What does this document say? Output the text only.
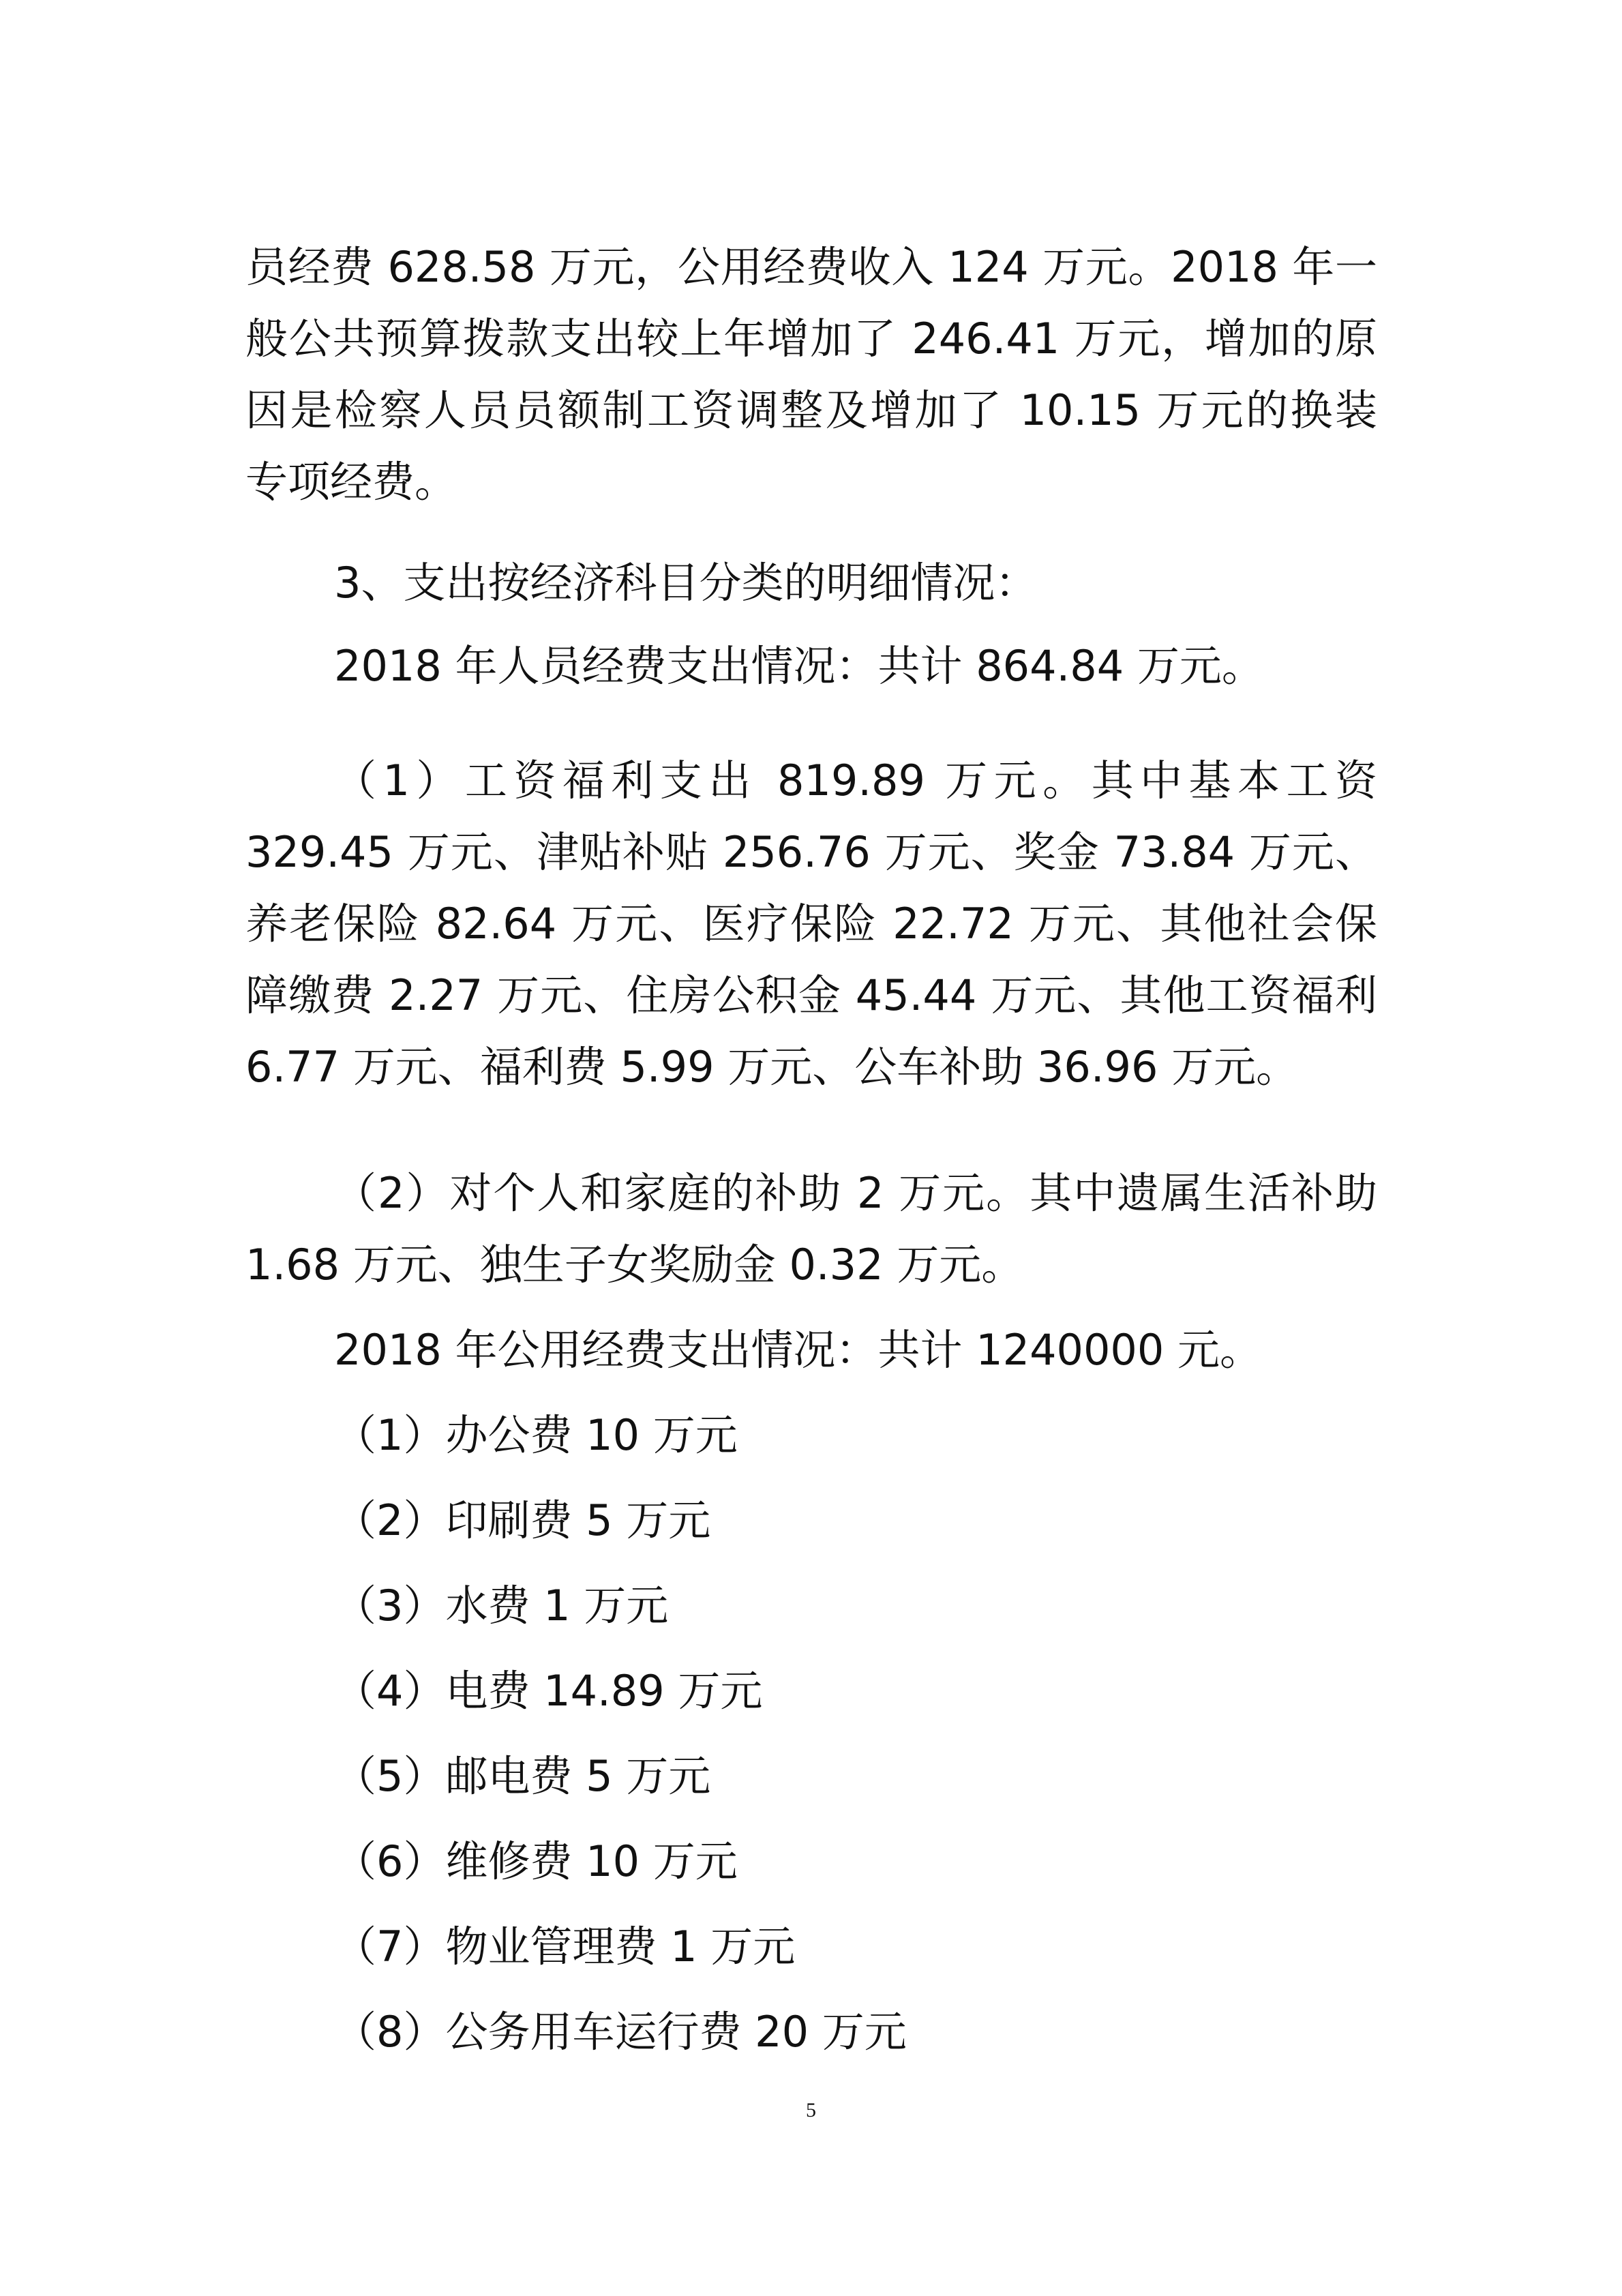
员经费 628.58 万元，公用经费收入 124 万元。2018 年一
般公共预算拨款支出较上年增加了 246.41 万元，增加的原
因是检察人员员额制工资调整及增加了 10.15 万元的换装
专项经费。
3、支出按经济科目分类的明细情况：
2018 年人员经费支出情况：共计 864.84 万元。
（1）工资福利支出 819.89 万元。其中基本工资
329.45 万元、津贴补贴 256.76 万元、奖金 73.84 万元、
养老保险 82.64 万元、医疗保险 22.72 万元、其他社会保
障缴费 2.27 万元、住房公积金 45.44 万元、其他工资福利
6.77 万元、福利费 5.99 万元、公车补助 36.96 万元。
（2）对个人和家庭的补助 2 万元。其中遗属生活补助
1.68 万元、独生子女奖励金 0.32 万元。
2018 年公用经费支出情况：共计 1240000 元。
（1）办公费 10 万元
（2）印刷费 5 万元
（3）水费 1 万元
（4）电费 14.89 万元
（5）邮电费 5 万元
（6）维修费 10 万元
（7）物业管理费 1 万元
（8）公务用车运行费 20 万元
5
